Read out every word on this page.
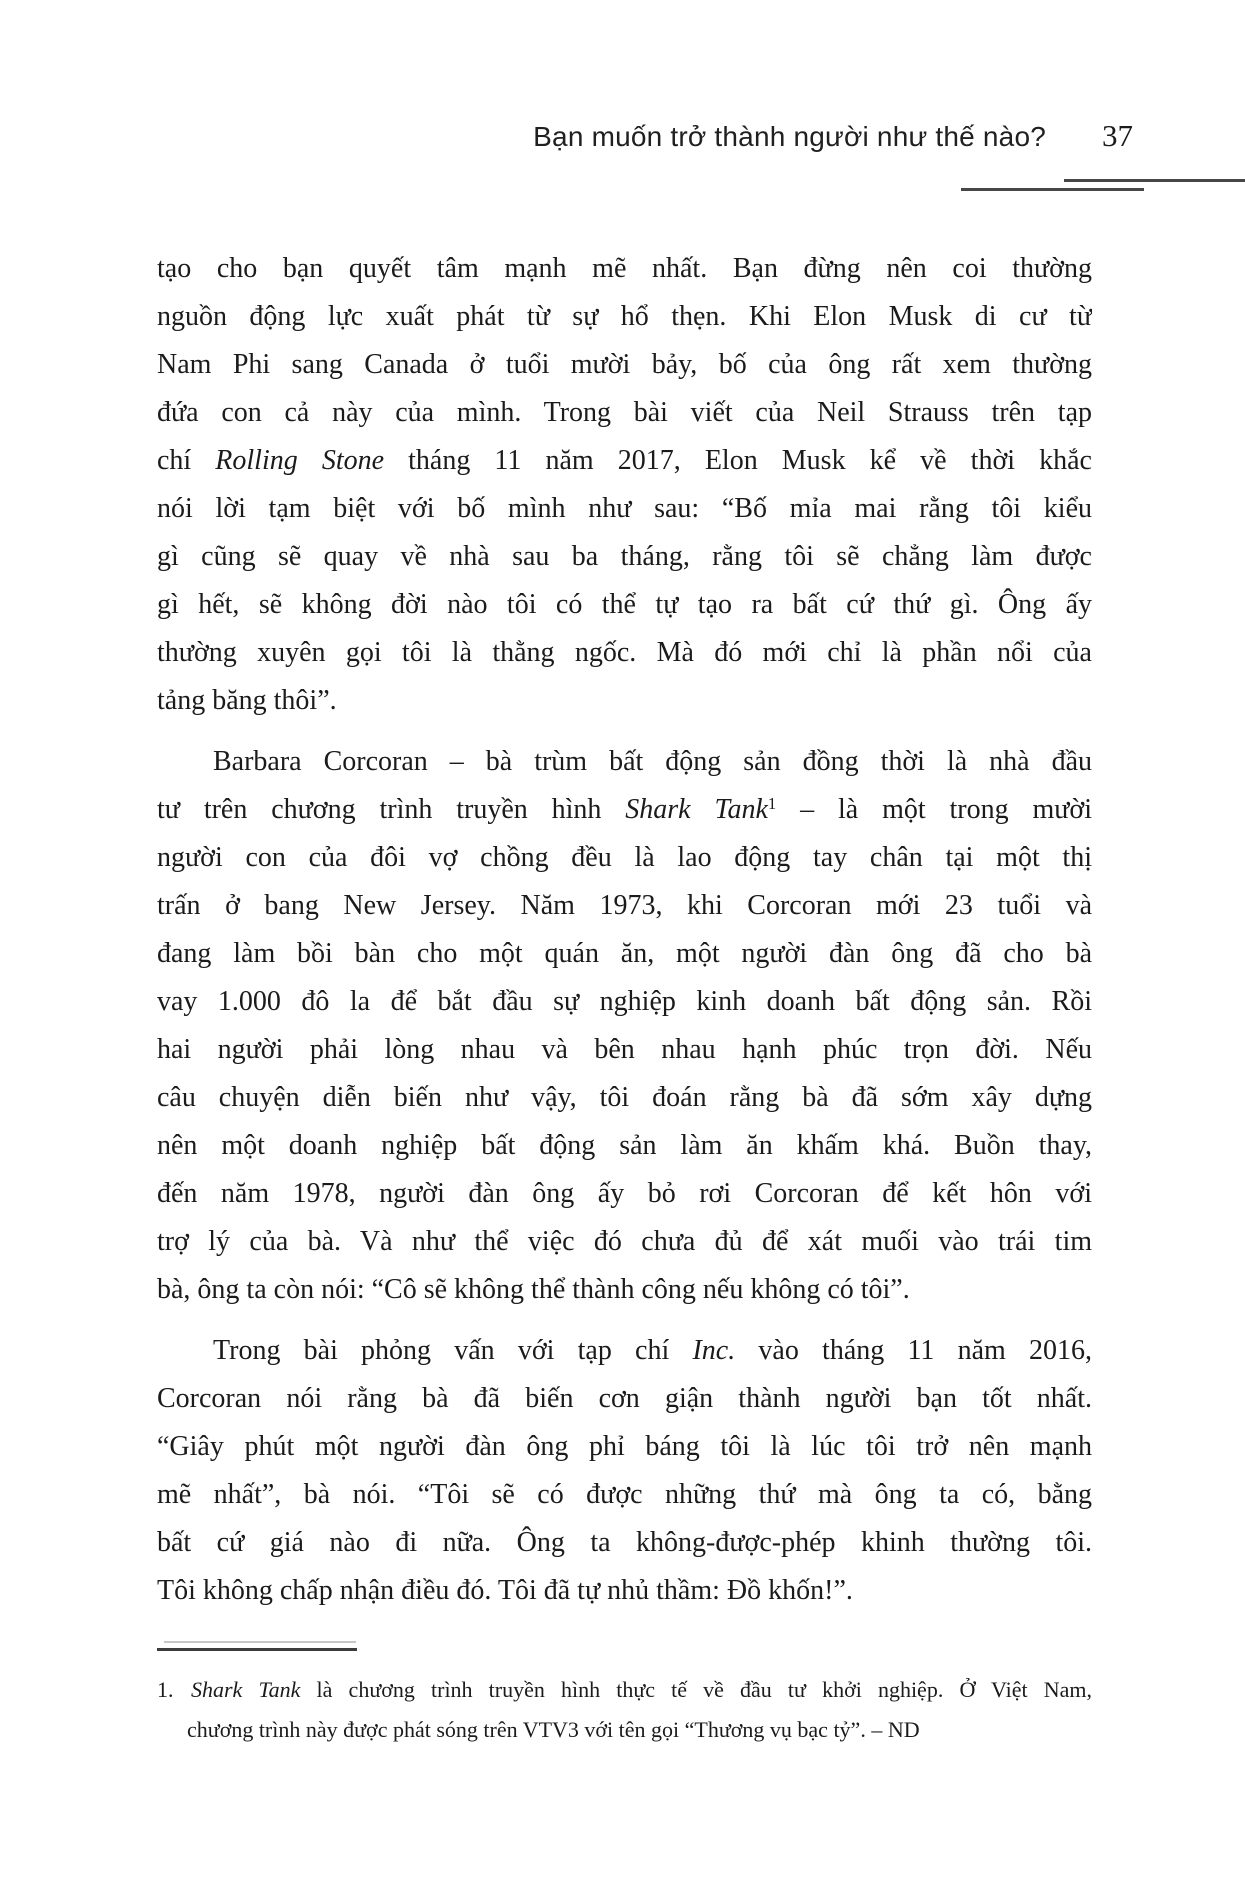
Bạn muốn trở thành người như thế nào? 37
tạo cho bạn quyết tâm mạnh mẽ nhất. Bạn đừng nên coi thường
nguồn động lực xuất phát từ sự hổ thẹn. Khi Elon Musk di cư từ
Nam Phi sang Canada ở tuổi mười bảy, bố của ông rất xem thường
đứa con cả này của mình. Trong bài viết của Neil Strauss trên tạp
chí Rolling Stone tháng 11 năm 2017, Elon Musk kể về thời khắc
nói lời tạm biệt với bố mình như sau: “Bố mỉa mai rằng tôi kiểu
gì cũng sẽ quay về nhà sau ba tháng, rằng tôi sẽ chẳng làm được
gì hết, sẽ không đời nào tôi có thể tự tạo ra bất cứ thứ gì. Ông ấy
thường xuyên gọi tôi là thằng ngốc. Mà đó mới chỉ là phần nổi của
tảng băng thôi”.
Barbara Corcoran – bà trùm bất động sản đồng thời là nhà đầu
tư trên chương trình truyền hình Shark Tank$^1$ – là một trong mười
người con của đôi vợ chồng đều là lao động tay chân tại một thị
trấn ở bang New Jersey. Năm 1973, khi Corcoran mới 23 tuổi và
đang làm bồi bàn cho một quán ăn, một người đàn ông đã cho bà
vay 1.000 đô la để bắt đầu sự nghiệp kinh doanh bất động sản. Rồi
hai người phải lòng nhau và bên nhau hạnh phúc trọn đời. Nếu
câu chuyện diễn biến như vậy, tôi đoán rằng bà đã sớm xây dựng
nên một doanh nghiệp bất động sản làm ăn khấm khá. Buồn thay,
đến năm 1978, người đàn ông ấy bỏ rơi Corcoran để kết hôn với
trợ lý của bà. Và như thể việc đó chưa đủ để xát muối vào trái tim
bà, ông ta còn nói: “Cô sẽ không thể thành công nếu không có tôi”.
Trong bài phỏng vấn với tạp chí Inc. vào tháng 11 năm 2016,
Corcoran nói rằng bà đã biến cơn giận thành người bạn tốt nhất.
“Giây phút một người đàn ông phỉ báng tôi là lúc tôi trở nên mạnh
mẽ nhất”, bà nói. “Tôi sẽ có được những thứ mà ông ta có, bằng
bất cứ giá nào đi nữa. Ông ta không-được-phép khinh thường tôi.
Tôi không chấp nhận điều đó. Tôi đã tự nhủ thầm: Đồ khốn!”.
1. Shark Tank là chương trình truyền hình thực tế về đầu tư khởi nghiệp. Ở Việt Nam,
chương trình này được phát sóng trên VTV3 với tên gọi “Thương vụ bạc tỷ”. – ND
